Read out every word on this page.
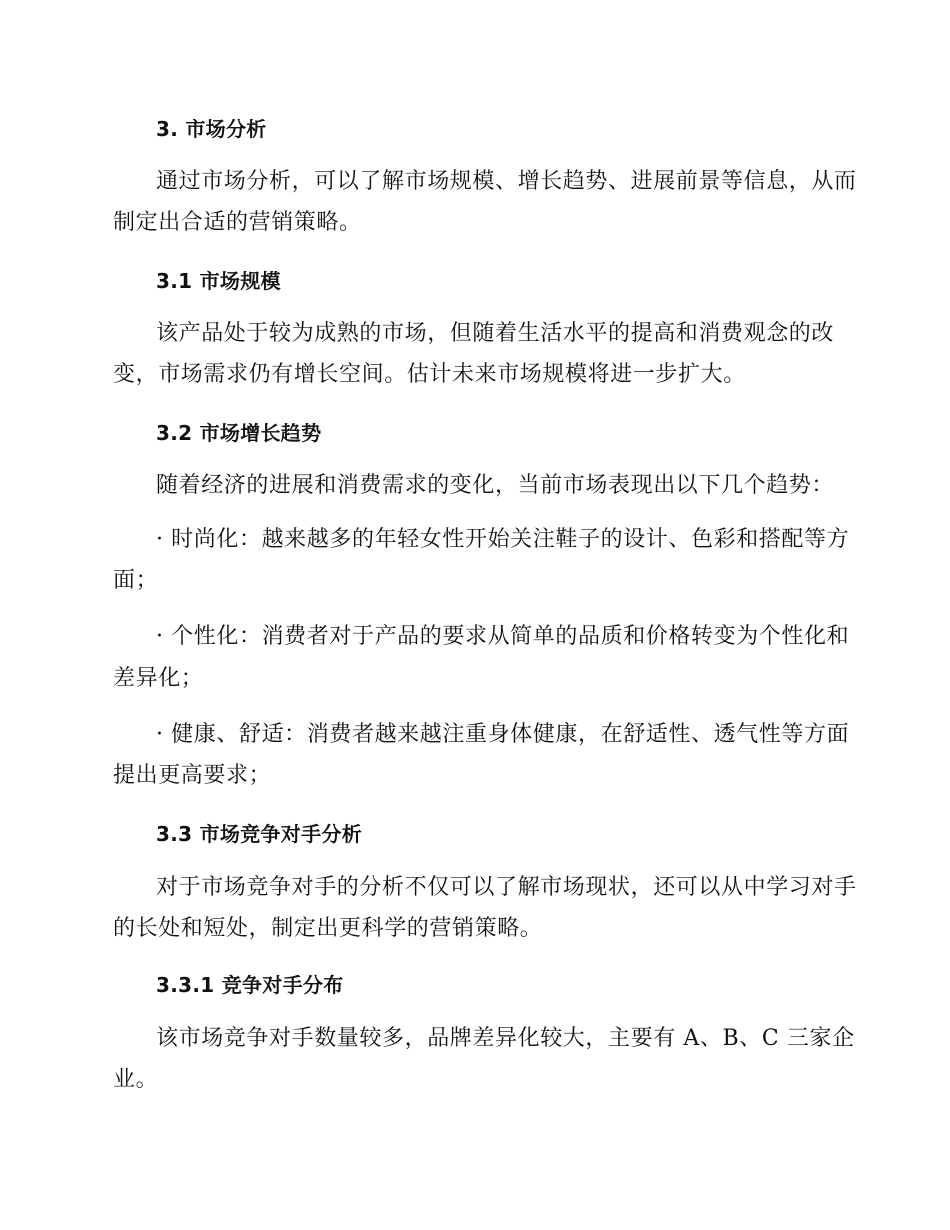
3. 市场分析
通过市场分析，可以了解市场规模、增长趋势、进展前景等信息，从而
制定出合适的营销策略。
3.1 市场规模
该产品处于较为成熟的市场，但随着生活水平的提高和消费观念的改
变，市场需求仍有增长空间。估计未来市场规模将进一步扩大。
3.2 市场增长趋势
随着经济的进展和消费需求的变化，当前市场表现出以下几个趋势：
· 时尚化：越来越多的年轻女性开始关注鞋子的设计、色彩和搭配等方
面；
· 个性化：消费者对于产品的要求从简单的品质和价格转变为个性化和
差异化；
· 健康、舒适：消费者越来越注重身体健康，在舒适性、透气性等方面
提出更高要求；
3.3 市场竞争对手分析
对于市场竞争对手的分析不仅可以了解市场现状，还可以从中学习对手
的长处和短处，制定出更科学的营销策略。
3.3.1 竞争对手分布
该市场竞争对手数量较多，品牌差异化较大，主要有 A、B、C 三家企
业。
